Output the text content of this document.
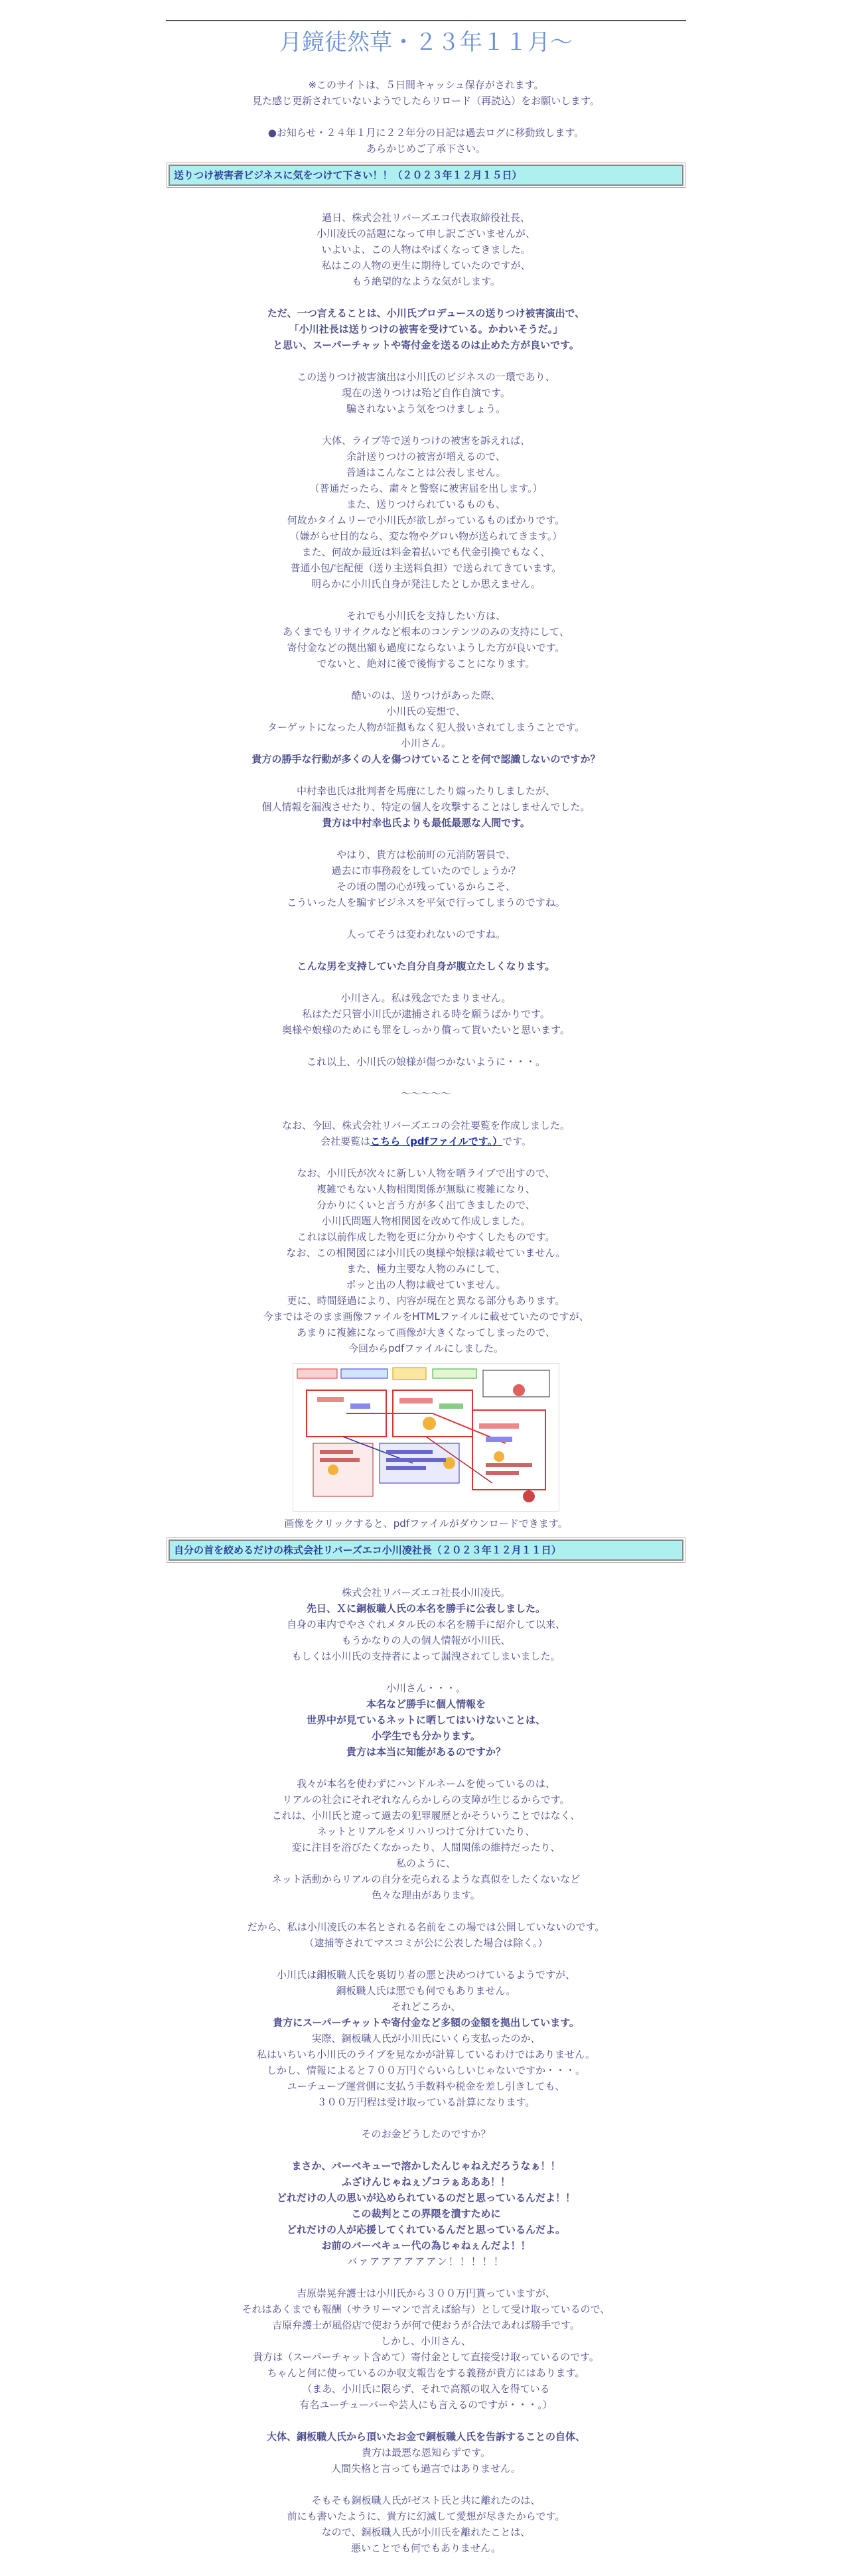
月鏡徒然草・２３年１１月〜

※このサイトは、５日間キャッシュ保存がされます。

見た感じ更新されていないようでしたらリロード（再読込）をお願いします。

●お知らせ・２４年１月に２２年分の日記は過去ログに移動致します。

あらかじめご了承下さい。

送りつけ被害者ビジネスに気をつけて下さい！！（２０２３年１２月１５日）

過日、株式会社リバーズエコ代表取締役社長、

小川凌氏の話題になって申し訳ございませんが、

いよいよ、この人物はやばくなってきました。

私はこの人物の更生に期待していたのですが、

もう絶望的なような気がします。

ただ、一つ言えることは、小川氏プロデュースの送りつけ被害演出で、

「小川社長は送りつけの被害を受けている。かわいそうだ。」

と思い、スーパーチャットや寄付金を送るのは止めた方が良いです。

この送りつけ被害演出は小川氏のビジネスの一環であり、

現在の送りつけは殆ど自作自演です。

騙されないよう気をつけましょう。

大体、ライブ等で送りつけの被害を訴えれば、

余計送りつけの被害が増えるので、

普通はこんなことは公表しません。

（普通だったら、粛々と警察に被害届を出します。）

また、送りつけられているものも、

何故かタイムリーで小川氏が欲しがっているものばかりです。

（嫌がらせ目的なら、変な物やグロい物が送られてきます。）

また、何故か最近は料金着払いでも代金引換でもなく、

普通小包/宅配便（送り主送料負担）で送られてきています。

明らかに小川氏自身が発注したとしか思えません。

それでも小川氏を支持したい方は、

あくまでもリサイクルなど根本のコンテンツのみの支持にして、

寄付金などの拠出額も過度にならないようした方が良いです。

でないと、絶対に後で後悔することになります。

酷いのは、送りつけがあった際、

小川氏の妄想で、

ターゲットになった人物が証拠もなく犯人扱いされてしまうことです。

小川さん。

貴方の勝手な行動が多くの人を傷つけていることを何で認識しないのですか？

中村幸也氏は批判者を馬鹿にしたり煽ったりしましたが、

個人情報を漏洩させたり、特定の個人を攻撃することはしませんでした。

貴方は中村幸也氏よりも最低最悪な人間です。

やはり、貴方は松前町の元消防署員で、

過去に市事務殺をしていたのでしょうか？

その頃の闇の心が残っているからこそ、

こういった人を騙すビジネスを平気で行ってしまうのですね。

人ってそうは変われないのですね。

こんな男を支持していた自分自身が腹立たしくなります。

小川さん。私は残念でたまりません。

私はただ只管小川氏が逮捕される時を願うばかりです。

奥様や娘様のためにも罪をしっかり償って貰いたいと思います。

これ以上、小川氏の娘様が傷つかないように・・・。

〜〜〜〜〜

なお、今回、株式会社リバーズエコの会社要覧を作成しました。

会社要覧はこちら（pdfファイルです。）です。

なお、小川氏が次々に新しい人物を晒ライブで出すので、

複雑でもない人物相関関係が無駄に複雑になり、

分かりにくいと言う方が多く出てきましたので、

小川氏問題人物相関図を改めて作成しました。

これは以前作成した物を更に分かりやすくしたものです。

なお、この相関図には小川氏の奥様や娘様は載せていません。

また、極力主要な人物のみにして、

ポッと出の人物は載せていません。

更に、時間経過により、内容が現在と異なる部分もあります。

今まではそのまま画像ファイルをHTMLファイルに載せていたのですが、

あまりに複雑になって画像が大きくなってしまったので、

今回からpdfファイルにしました。

画像をクリックすると、pdfファイルがダウンロードできます。

自分の首を絞めるだけの株式会社リバーズエコ小川凌社長（２０２３年１２月１１日）

株式会社リバーズエコ社長小川凌氏。

先日、Ｘに銅板職人氏の本名を勝手に公表しました。

自身の車内でやさぐれメタル氏の本名を勝手に紹介して以来、

もうかなりの人の個人情報が小川氏、

もしくは小川氏の支持者によって漏洩されてしまいました。

小川さん・・・。

本名など勝手に個人情報を

世界中が見ているネットに晒してはいけないことは、

小学生でも分かります。

貴方は本当に知能があるのですか？

我々が本名を使わずにハンドルネームを使っているのは、

リアルの社会にそれぞれなんらかしらの支障が生じるからです。

これは、小川氏と違って過去の犯罪履歴とかそういうことではなく、

ネットとリアルをメリハリつけて分けていたり、

変に注目を浴びたくなかったり、人間関係の維持だったり、

私のように、

ネット活動からリアルの自分を売られるような真似をしたくないなど

色々な理由があります。

だから、私は小川凌氏の本名とされる名前をこの場では公開していないのです。

（逮捕等されてマスコミが公に公表した場合は除く。）

小川氏は銅板職人氏を裏切り者の悪と決めつけているようですが、

銅板職人氏は悪でも何でもありません。

それどころか、

貴方にスーパーチャットや寄付金など多額の金額を拠出しています。

実際、銅板職人氏が小川氏にいくら支払ったのか、

私はいちいち小川氏のライブを見なかが計算しているわけではありません。

しかし、情報によると７００万円ぐらいらしいじゃないですか・・・。

ユーチューブ運営側に支払う手数料や税金を差し引きしても、

３００万円程は受け取っている計算になります。

そのお金どうしたのですか？

まさか、バーベキューで溶かしたんじゃねえだろうなぁ！！

ふざけんじゃねぇゾコラぁあああ！！

どれだけの人の思いが込められているのだと思っているんだよ！！

この裁判とこの界隈を潰すために

どれだけの人が応援してくれているんだと思っているんだよ。

お前のバーベキュー代の為じゃねぇんだよ！！

バァアアアアアアン！！！！！

吉原崇晃弁護士は小川氏から３００万円貰っていますが、

それはあくまでも報酬（サラリーマンで言えば給与）として受け取っているので、

吉原弁護士が風俗店で使おうが何で使おうが合法であれば勝手です。

しかし、小川さん、

貴方は（スーパーチャット含めて）寄付金として直接受け取っているのです。

ちゃんと何に使っているのか収支報告をする義務が貴方にはあります。

（まあ、小川氏に限らず、それで高額の収入を得ている

有名ユーチューバーや芸人にも言えるのですが・・・。）

大体、銅板職人氏から頂いたお金で銅板職人氏を告訴することの自体、

貴方は最悪な恩知らずです。

人間失格と言っても過言ではありません。

そもそも銅板職人氏がゼスト氏と共に離れたのは、

前にも書いたように、貴方に幻滅して愛想が尽きたからです。

なので、銅板職人氏が小川氏を離れたことは、

悪いことでも何でもありません。
